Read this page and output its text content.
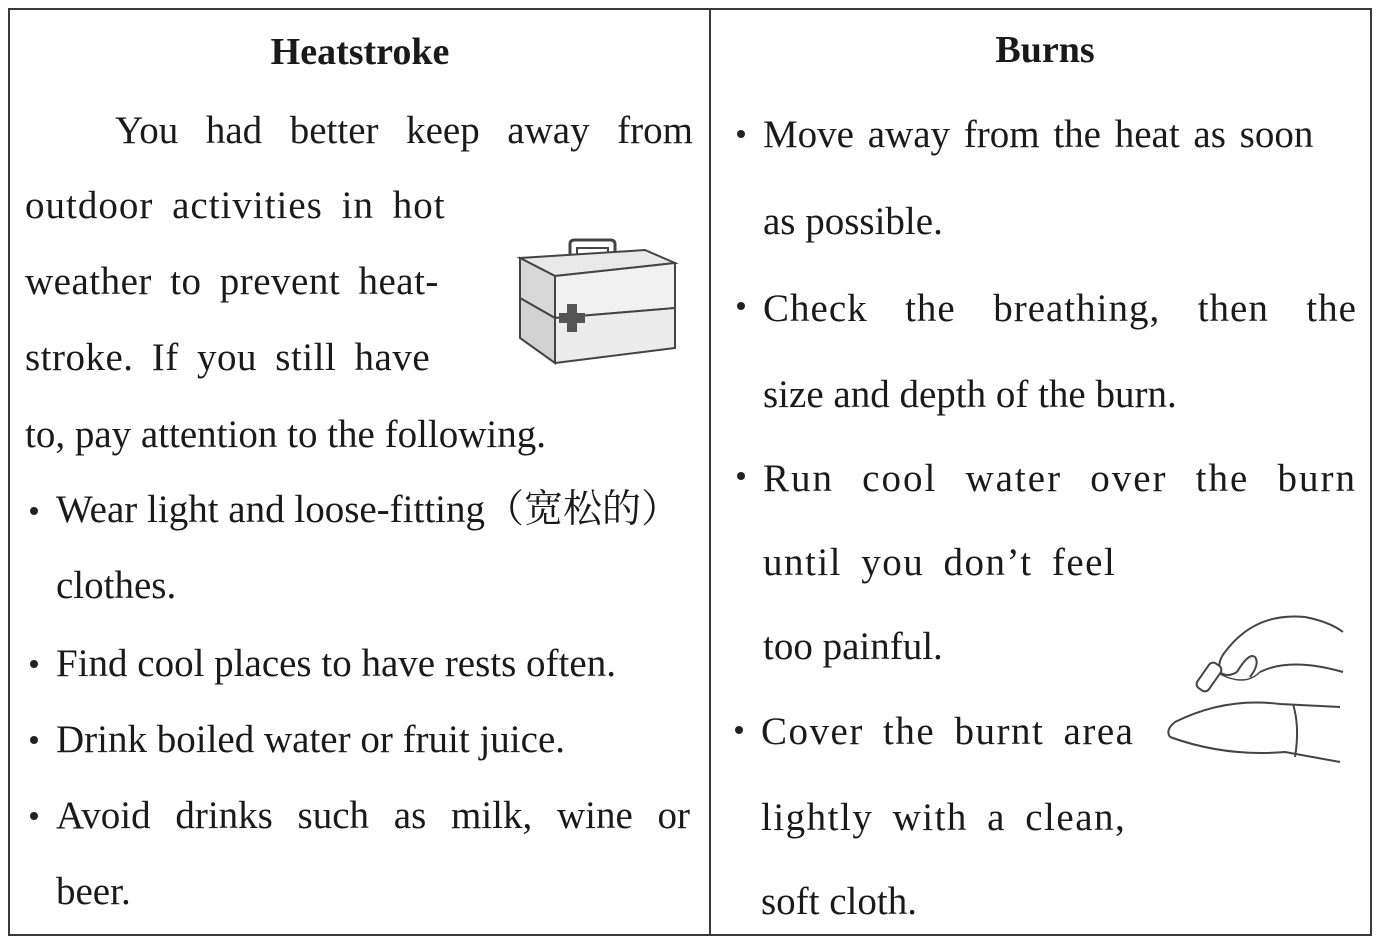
Heatstroke
You had better keep away from
outdoor activities in hot
weather to prevent heat-
stroke. If you still have
to, pay attention to the following.
Wear light and loose-fitting（宽松的）
clothes.
Find cool places to have rests often.
Drink boiled water or fruit juice.
Avoid drinks such as milk, wine or
beer.
Burns
Move away from the heat as soon
as possible.
Check the breathing, then the
size and depth of the burn.
Run cool water over the burn
until you don’t feel
too painful.
Cover the burnt area
lightly with a clean,
soft cloth.
